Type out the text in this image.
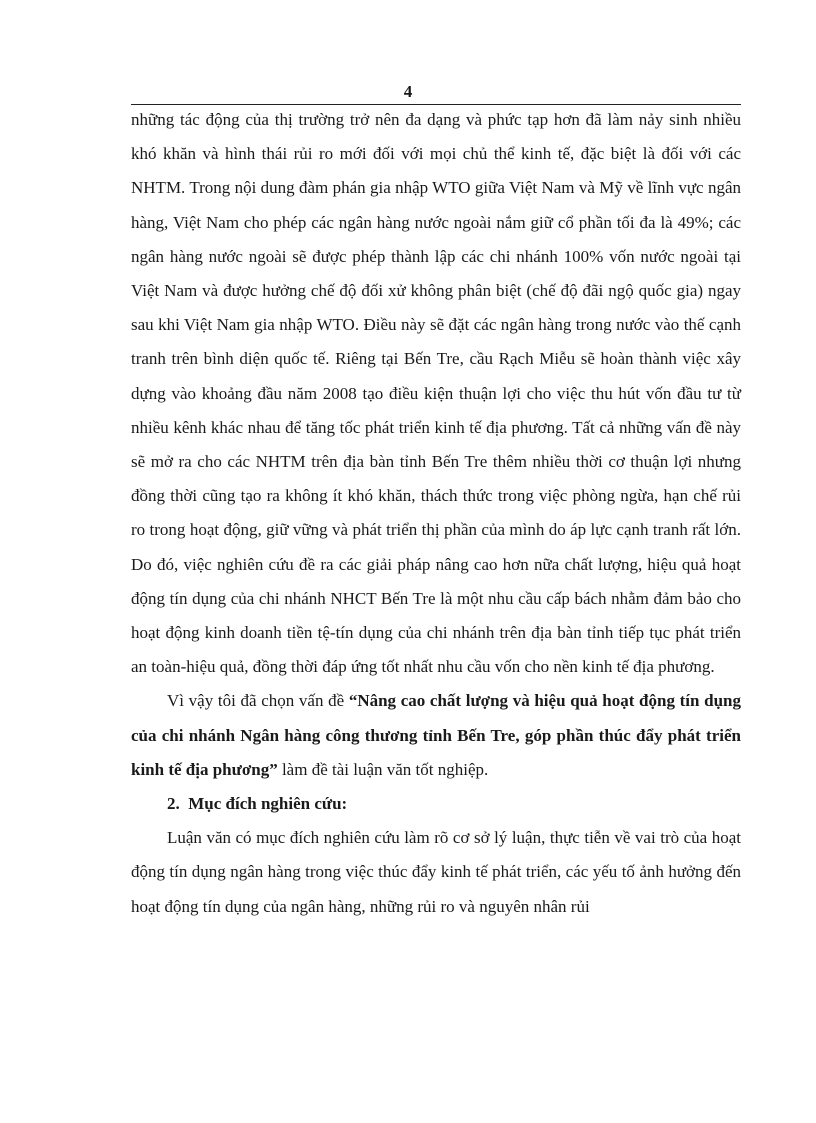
4

những tác động của thị trường trở nên đa dạng và phức tạp hơn đã làm nảy sinh nhiều khó khăn và hình thái rủi ro mới đối với mọi chủ thể kinh tế, đặc biệt là đối với các NHTM. Trong nội dung đàm phán gia nhập WTO giữa Việt Nam và Mỹ về lĩnh vực ngân hàng, Việt Nam cho phép các ngân hàng nước ngoài nắm giữ cổ phần tối đa là 49%; các ngân hàng nước ngoài sẽ được phép thành lập các chi nhánh 100% vốn nước ngoài tại Việt Nam và được hưởng chế độ đối xử không phân biệt (chế độ đãi ngộ quốc gia) ngay sau khi Việt Nam gia nhập WTO. Điều này sẽ đặt các ngân hàng trong nước vào thế cạnh tranh trên bình diện quốc tế. Riêng tại Bến Tre, cầu Rạch Miễu sẽ hoàn thành việc xây dựng vào khoảng đầu năm 2008 tạo điều kiện thuận lợi cho việc thu hút vốn đầu tư từ nhiều kênh khác nhau để tăng tốc phát triển kinh tế địa phương. Tất cả những vấn đề này sẽ mở ra cho các NHTM trên địa bàn tỉnh Bến Tre thêm nhiều thời cơ thuận lợi nhưng đồng thời cũng tạo ra không ít khó khăn, thách thức trong việc phòng ngừa, hạn chế rủi ro trong hoạt động, giữ vững và phát triển thị phần của mình do áp lực cạnh tranh rất lớn. Do đó, việc nghiên cứu đề ra các giải pháp nâng cao hơn nữa chất lượng, hiệu quả hoạt động tín dụng của chi nhánh NHCT Bến Tre là một nhu cầu cấp bách nhằm đảm bảo cho hoạt động kinh doanh tiền tệ-tín dụng của chi nhánh trên địa bàn tỉnh tiếp tục phát triển an toàn-hiệu quả, đồng thời đáp ứng tốt nhất nhu cầu vốn cho nền kinh tế địa phương.

Vì vậy tôi đã chọn vấn đề “Nâng cao chất lượng và hiệu quả hoạt động tín dụng của chi nhánh Ngân hàng công thương tỉnh Bến Tre, góp phần thúc đẩy phát triển kinh tế địa phương” làm đề tài luận văn tốt nghiệp.

2. Mục đích nghiên cứu:

Luận văn có mục đích nghiên cứu làm rõ cơ sở lý luận, thực tiễn về vai trò của hoạt động tín dụng ngân hàng trong việc thúc đẩy kinh tế phát triển, các yếu tố ảnh hưởng đến hoạt động tín dụng của ngân hàng, những rủi ro và nguyên nhân rủi
